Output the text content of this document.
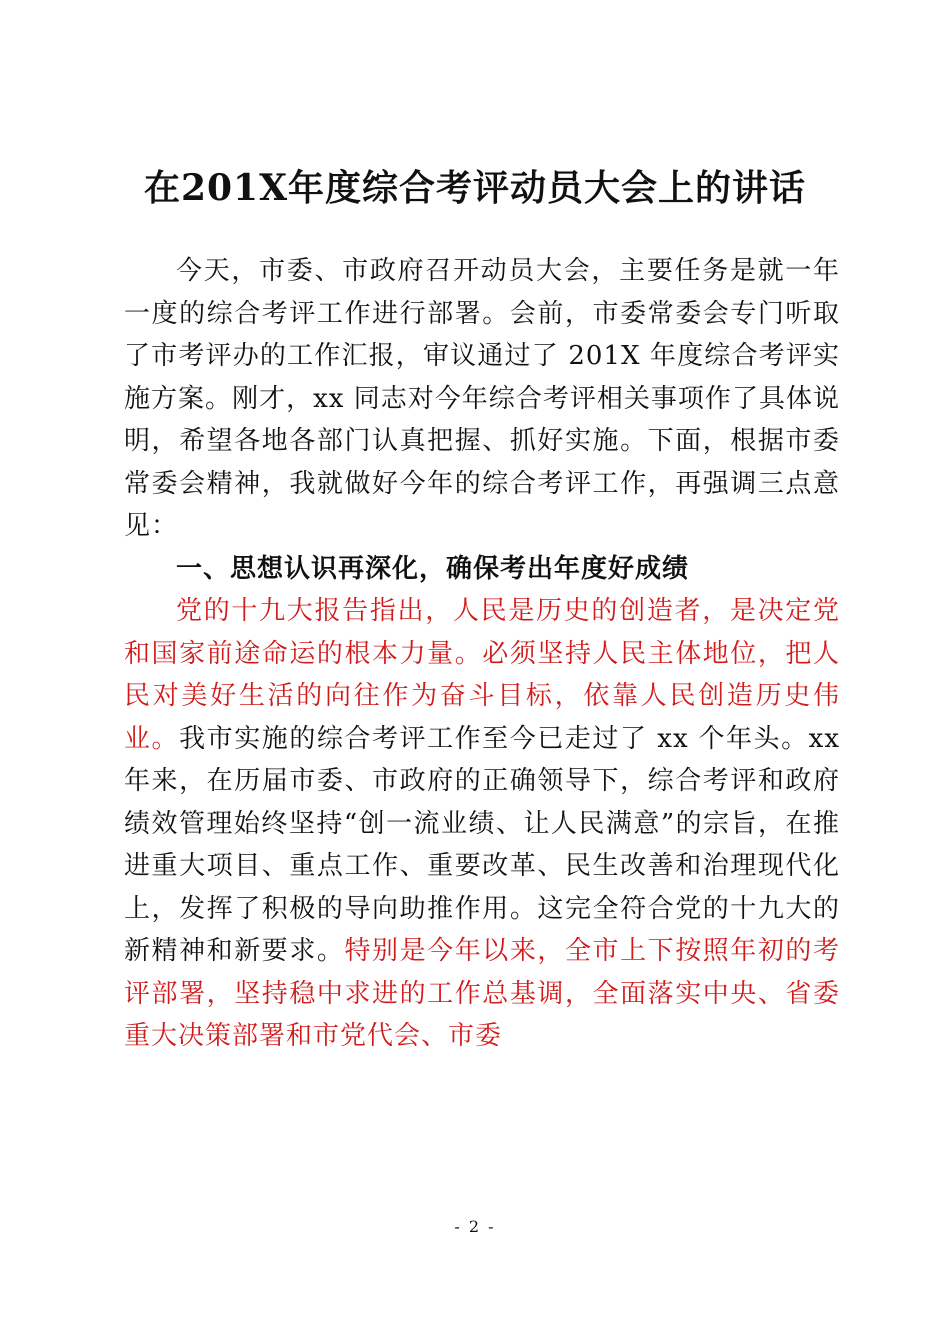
在201X年度综合考评动员大会上的讲话

今天，市委、市政府召开动员大会，主要任务是就一年一度的综合考评工作进行部署。会前，市委常委会专门听取了市考评办的工作汇报，审议通过了 201X 年度综合考评实施方案。刚才，xx 同志对今年综合考评相关事项作了具体说明，希望各地各部门认真把握、抓好实施。下面，根据市委常委会精神，我就做好今年的综合考评工作，再强调三点意见：

一、思想认识再深化，确保考出年度好成绩

党的十九大报告指出，人民是历史的创造者，是决定党和国家前途命运的根本力量。必须坚持人民主体地位，把人民对美好生活的向往作为奋斗目标，依靠人民创造历史伟业。我市实施的综合考评工作至今已走过了 xx 个年头。xx 年来，在历届市委、市政府的正确领导下，综合考评和政府绩效管理始终坚持“创一流业绩、让人民满意”的宗旨，在推进重大项目、重点工作、重要改革、民生改善和治理现代化上，发挥了积极的导向助推作用。这完全符合党的十九大的新精神和新要求。特别是今年以来，全市上下按照年初的考评部署，坚持稳中求进的工作总基调，全面落实中央、省委重大决策部署和市党代会、市委

- 2 -
